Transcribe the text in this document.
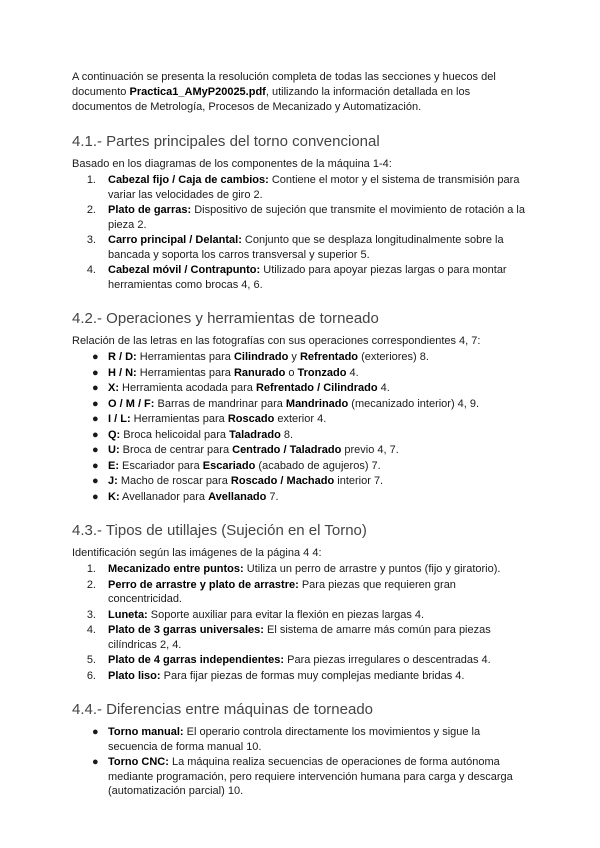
A continuación se presenta la resolución completa de todas las secciones y huecos del documento Practica1_AMyP20025.pdf, utilizando la información detallada en los documentos de Metrología, Procesos de Mecanizado y Automatización.

4.1.- Partes principales del torno convencional

Basado en los diagramas de los componentes de la máquina 1-4:

1. Cabezal fijo / Caja de cambios: Contiene el motor y el sistema de transmisión para variar las velocidades de giro 2.
2. Plato de garras: Dispositivo de sujeción que transmite el movimiento de rotación a la pieza 2.
3. Carro principal / Delantal: Conjunto que se desplaza longitudinalmente sobre la bancada y soporta los carros transversal y superior 5.
4. Cabezal móvil / Contrapunto: Utilizado para apoyar piezas largas o para montar herramientas como brocas 4, 6.
4.2.- Operaciones y herramientas de torneado

Relación de las letras en las fotografías con sus operaciones correspondientes 4, 7:

● R / D: Herramientas para Cilindrado y Refrentado (exteriores) 8.
● H / N: Herramientas para Ranurado o Tronzado 4.
● X: Herramienta acodada para Refrentado / Cilindrado 4.
● O / M / F: Barras de mandrinar para Mandrinado (mecanizado interior) 4, 9.
● I / L: Herramientas para Roscado exterior 4.
● Q: Broca helicoidal para Taladrado 8.
● U: Broca de centrar para Centrado / Taladrado previo 4, 7.
● E: Escariador para Escariado (acabado de agujeros) 7.
● J: Macho de roscar para Roscado / Machado interior 7.
● K: Avellanador para Avellanado 7.
4.3.- Tipos de utillajes (Sujeción en el Torno)

Identificación según las imágenes de la página 4 4:

1. Mecanizado entre puntos: Utiliza un perro de arrastre y puntos (fijo y giratorio).
2. Perro de arrastre y plato de arrastre: Para piezas que requieren gran concentricidad.
3. Luneta: Soporte auxiliar para evitar la flexión en piezas largas 4.
4. Plato de 3 garras universales: El sistema de amarre más común para piezas cilíndricas 2, 4.
5. Plato de 4 garras independientes: Para piezas irregulares o descentradas 4.
6. Plato liso: Para fijar piezas de formas muy complejas mediante bridas 4.
4.4.- Diferencias entre máquinas de torneado
● Torno manual: El operario controla directamente los movimientos y sigue la secuencia de forma manual 10.
● Torno CNC: La máquina realiza secuencias de operaciones de forma autónoma mediante programación, pero requiere intervención humana para carga y descarga (automatización parcial) 10.
